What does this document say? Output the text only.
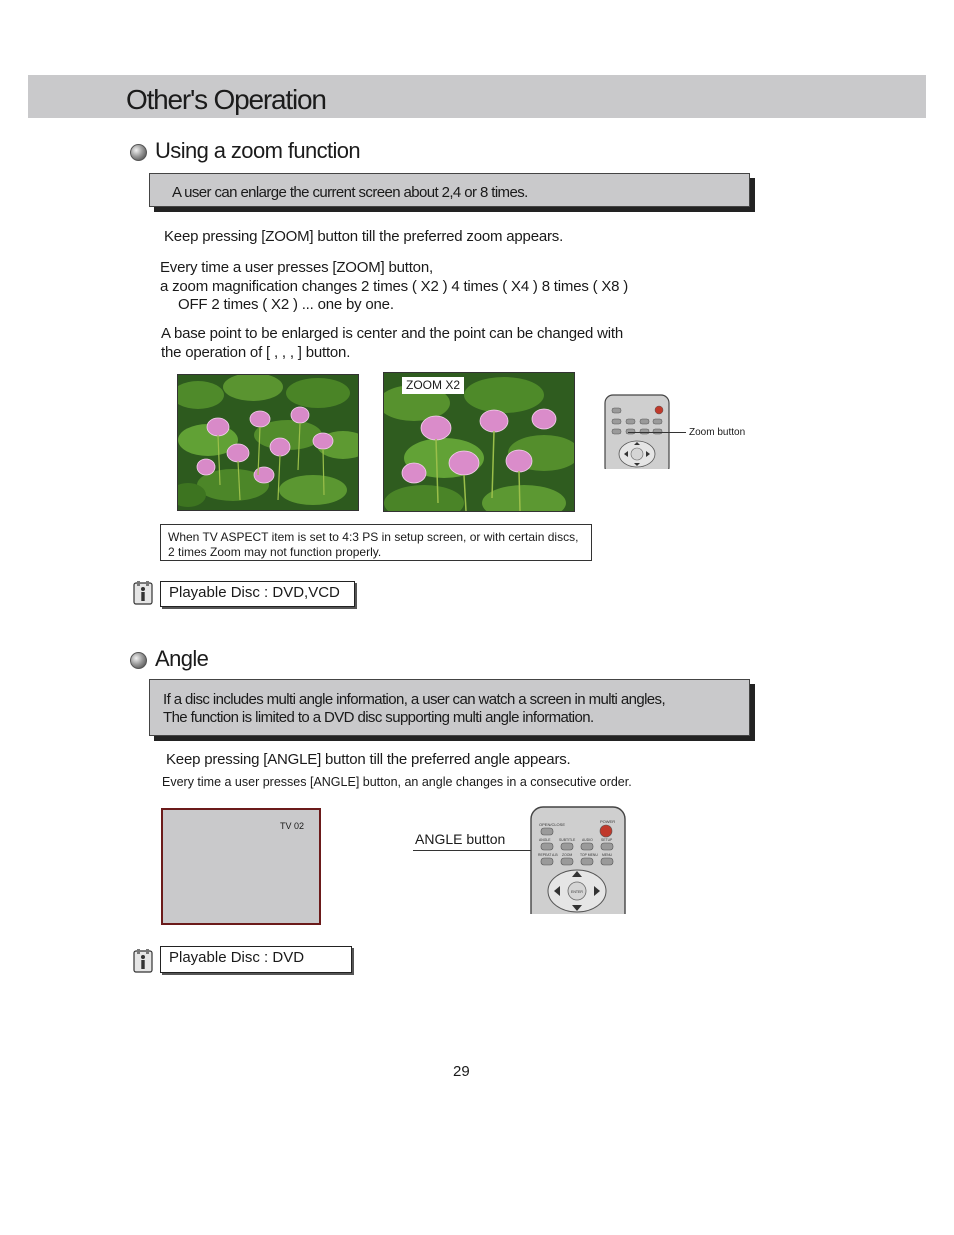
Other's Operation
Using a zoom function
A user can enlarge the current screen about 2,4 or 8 times.
Keep pressing [ZOOM] button till the preferred zoom appears.
Every time a user presses [ZOOM] button,
a zoom magnification changes 2 times ( X2 ) 4 times ( X4 ) 8 times ( X8 )
OFF 2 times ( X2 ) ... one by one.
A base point to be enlarged is center and the point can be changed with
the operation of [ , , , ] button.
ZOOM X2
Zoom button
When TV ASPECT item is set to 4:3 PS in setup screen, or with certain discs,
2 times Zoom may not function properly.
Playable Disc : DVD,VCD
Angle
If a disc includes multi angle information, a user can watch a screen in multi angles,
The function is limited to a DVD disc supporting multi angle information.
Keep pressing [ANGLE] button till the preferred angle appears.
Every time a user presses [ANGLE] button, an angle changes in a consecutive order.
TV 02
ANGLE button
OPEN/CLOSE
POWER
ANGLE	SUBTITLE AUDIO SETUP
REPEAT A-B ZOOM TOP MENU MENU
ENTER
Playable Disc : DVD
29
